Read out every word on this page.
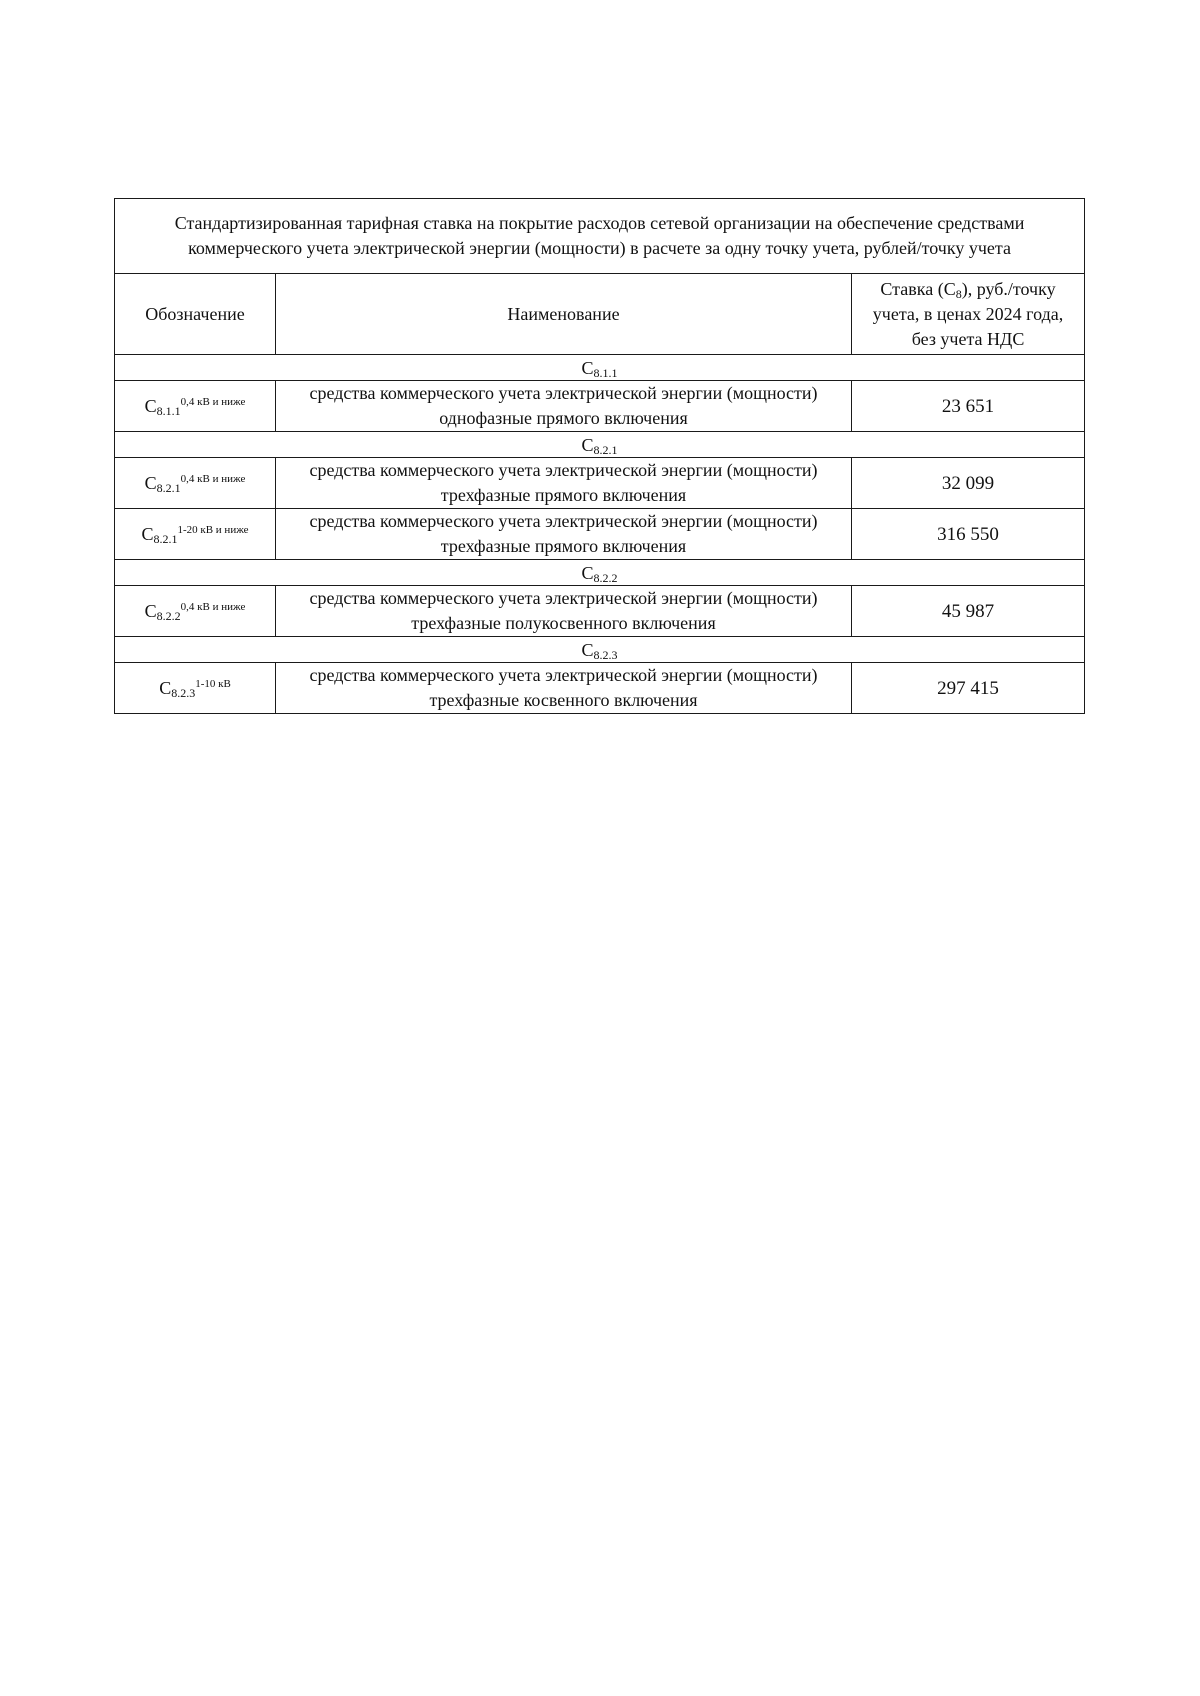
Стандартизированная тарифная ставка на покрытие расходов сетевой организации на обеспечение средствами
коммерческого учета электрической энергии (мощности) в расчете за одну точку учета, рублей/точку учета		

Обозначение	Наименование	Ставка $(С_8)$, руб./точку
учета, в ценах 2024 года,
без учета НДС

$С_{8.1.1}$
$С_{8.1.1}^{0,4 кВ и ниже}$	средства коммерческого учета электрической энергии (мощности)
однофазные прямого включения	23 651
$С_{8.2.1}$
$С_{8.2.1}^{0,4 кВ и ниже}$	средства коммерческого учета электрической энергии (мощности)
трехфазные прямого включения	32 099
$С_{8.2.1}^{1-20 кВ и ниже}$	средства коммерческого учета электрической энергии (мощности)
трехфазные прямого включения	316 550
$С_{8.2.2}$
$С_{8.2.2}^{0,4 кВ и ниже}$	средства коммерческого учета электрической энергии (мощности)
трехфазные полукосвенного включения	45 987
$С_{8.2.3}$
$С_{8.2.3}^{1-10 кВ}$	средства коммерческого учета электрической энергии (мощности)
трехфазные косвенного включения	297 415
